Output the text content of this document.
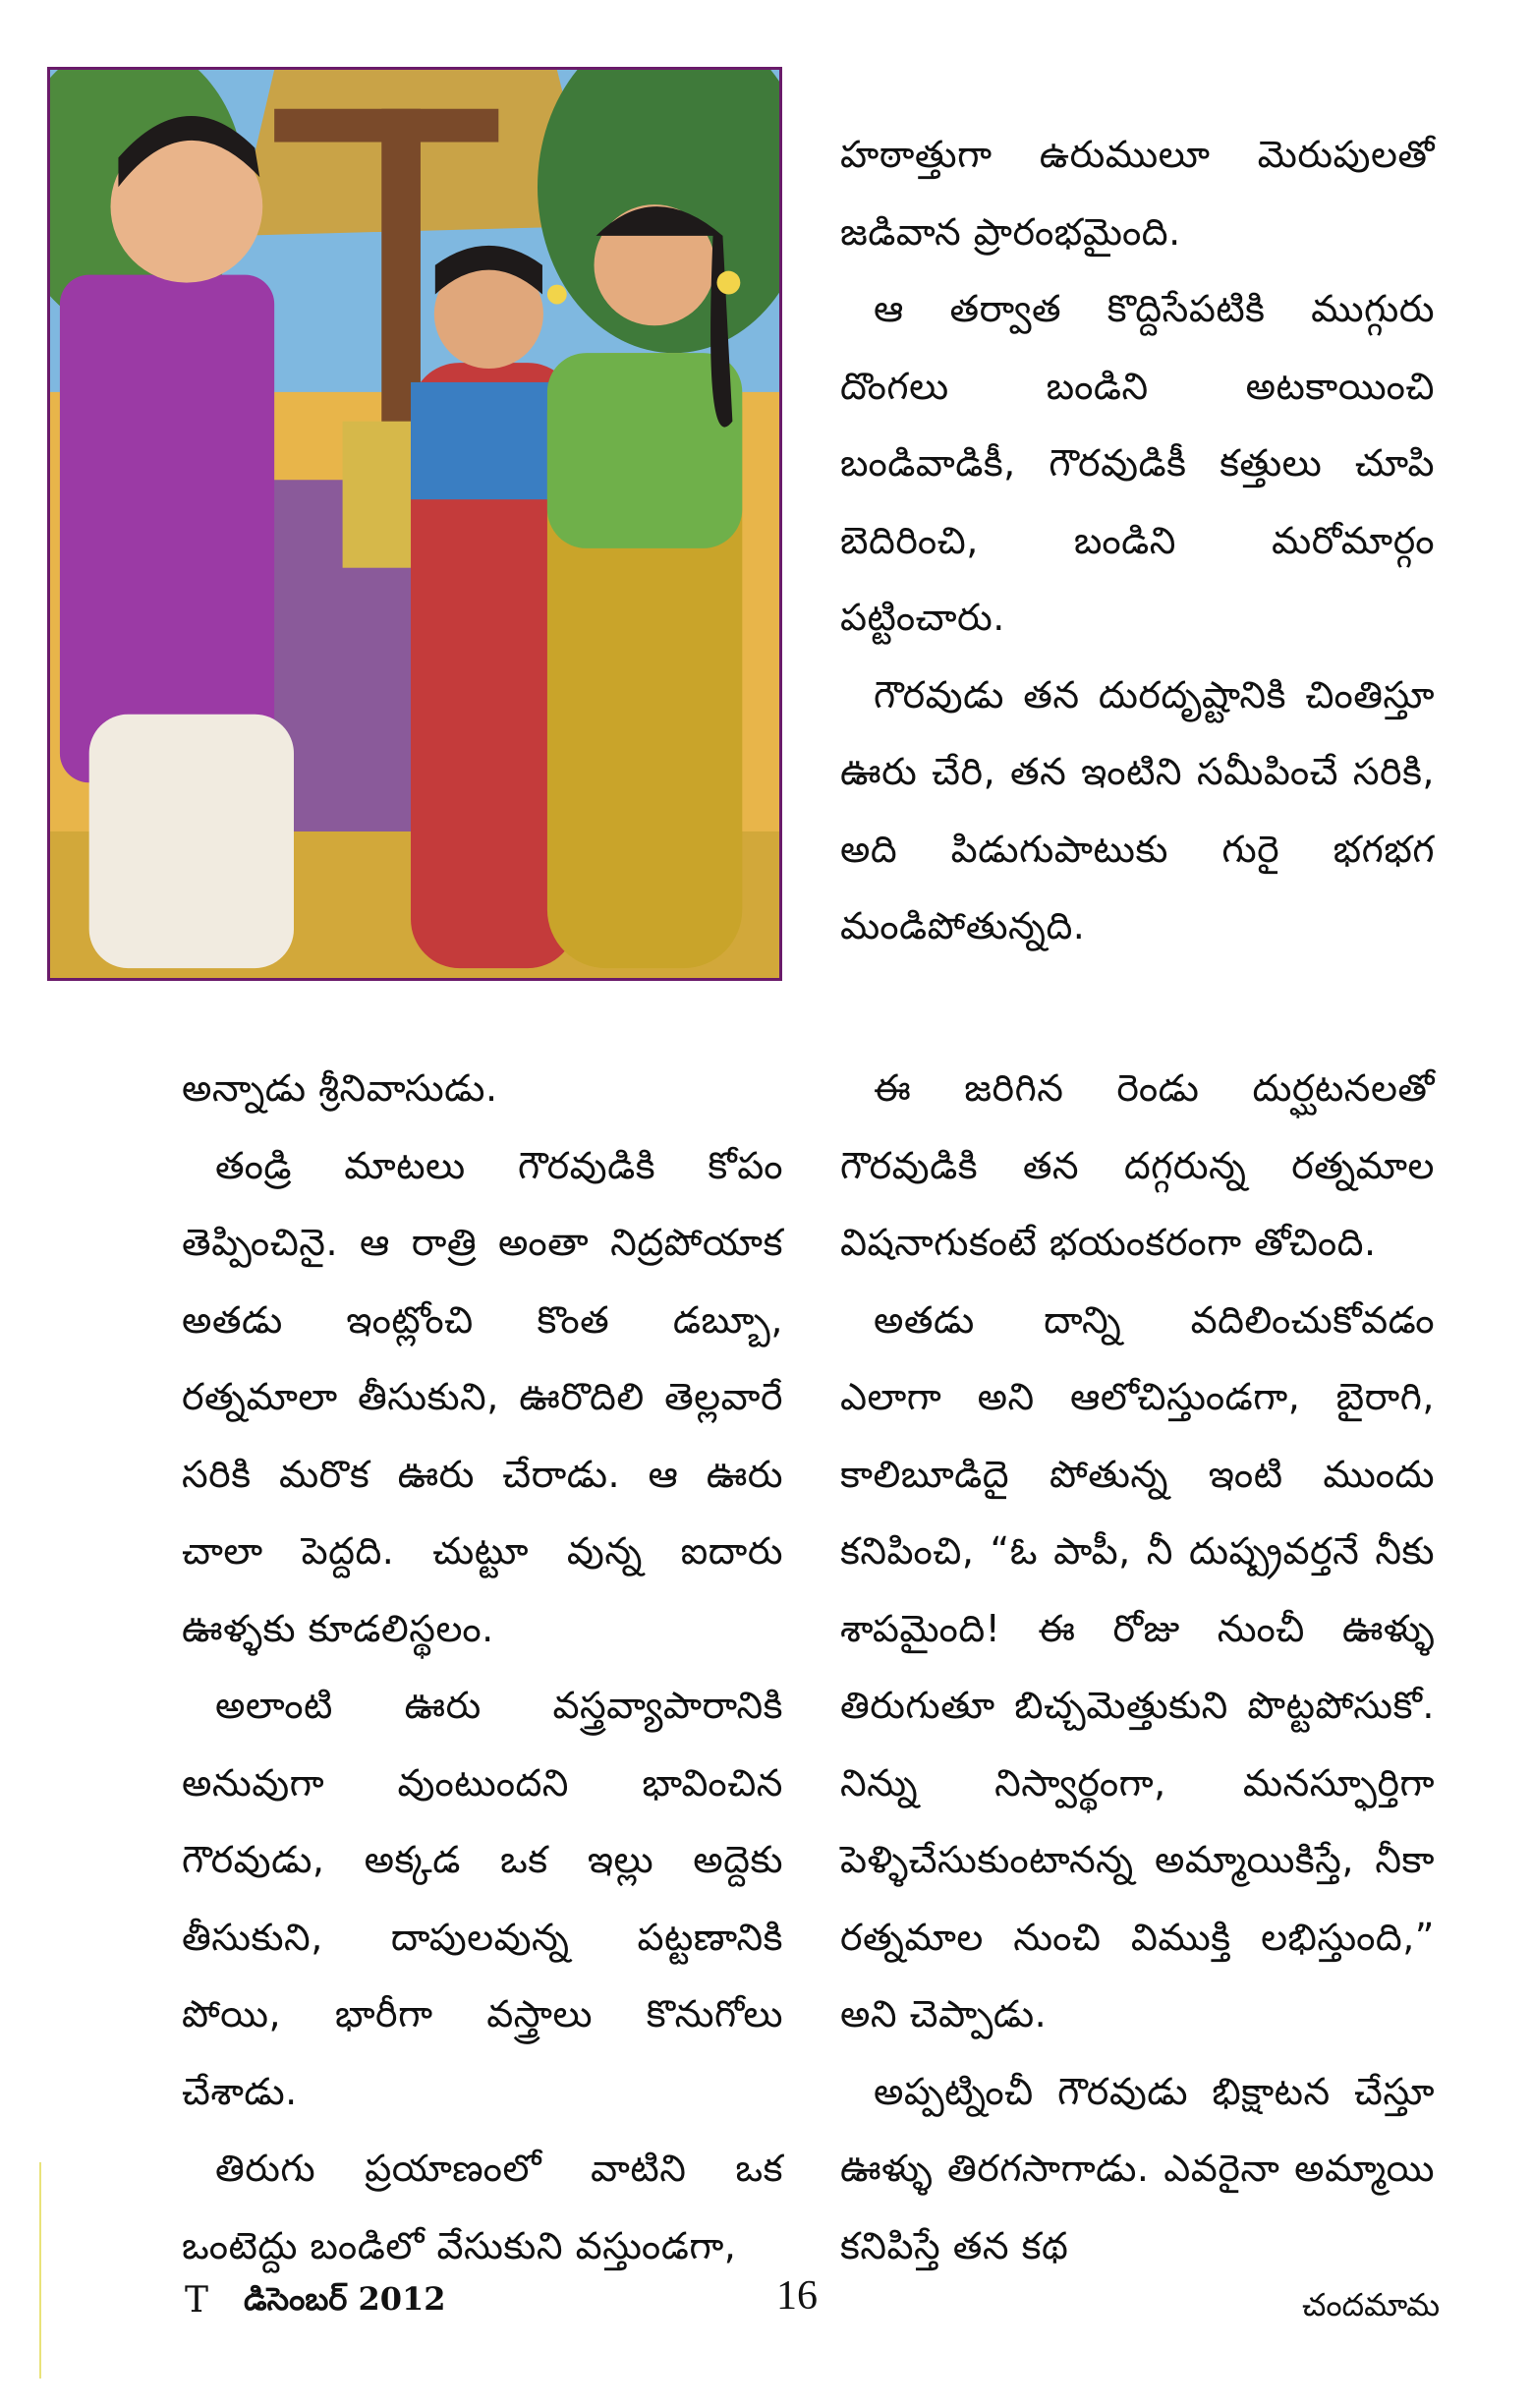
హఠాత్తుగా ఉరుములూ మెరుపులతో జడివాన ప్రారంభమైంది.

ఆ తర్వాత కొద్దిసేపటికి ముగ్గురు దొంగలు బండిని అటకాయించి బండివాడికీ, గౌరవుడికీ కత్తులు చూపి బెదిరించి, బండిని మరోమార్గం పట్టించారు.

గౌరవుడు తన దురదృష్టానికి చింతిస్తూ ఊరు చేరి, తన ఇంటిని సమీపించే సరికి, అది పిడుగుపాటుకు గురై భగభగ మండిపోతున్నది.

అన్నాడు శ్రీనివాసుడు.

తండ్రి మాటలు గౌరవుడికి కోపం తెప్పించినై. ఆ రాత్రి అంతా నిద్రపోయాక అతడు ఇంట్లోంచి కొంత డబ్బూ, రత్నమాలా తీసుకుని, ఊరొదిలి తెల్లవారే సరికి మరొక ఊరు చేరాడు. ఆ ఊరు చాలా పెద్దది. చుట్టూ వున్న ఐదారు ఊళ్ళకు కూడలిస్థలం.

అలాంటి ఊరు వస్త్రవ్యాపారానికి అనువుగా వుంటుందని భావించిన గౌరవుడు, అక్కడ ఒక ఇల్లు అద్దెకు తీసుకుని, దాపులవున్న పట్టణానికి పోయి, భారీగా వస్త్రాలు కొనుగోలు చేశాడు.

తిరుగు ప్రయాణంలో వాటిని ఒక ఒంటెద్దు బండిలో వేసుకుని వస్తుండగా,

ఈ జరిగిన రెండు దుర్ఘటనలతో గౌరవుడికి తన దగ్గరున్న రత్నమాల విషనాగుకంటే భయంకరంగా తోచింది.

అతడు దాన్ని వదిలించుకోవడం ఎలాగా అని ఆలోచిస్తుండగా, బైరాగి, కాలిబూడిదై పోతున్న ఇంటి ముందు కనిపించి, “ఓ పాపీ, నీ దుష్ప్రవర్తనే నీకు శాపమైంది! ఈ రోజు నుంచీ ఊళ్ళు తిరుగుతూ బిచ్చమెత్తుకుని పొట్టపోసుకో. నిన్ను నిస్వార్థంగా, మనస్ఫూర్తిగా పెళ్ళిచేసుకుంటానన్న అమ్మాయికిస్తే, నీకా రత్నమాల నుంచి విముక్తి లభిస్తుంది,” అని చెప్పాడు.

అప్పట్నించీ గౌరవుడు భిక్షాటన చేస్తూ ఊళ్ళు తిరగసాగాడు. ఎవరైనా అమ్మాయి కనిపిస్తే తన కథ

T డిసెంబర్ 2012	16	చందమామ
